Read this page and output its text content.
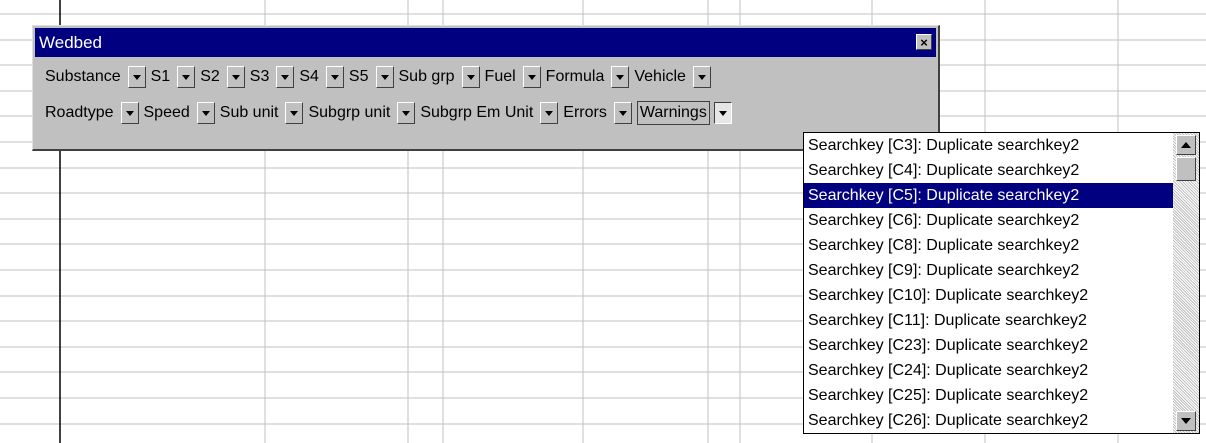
Wedbed	×
Substance S1 S2 S3 S4 S5 Sub grp Fuel Formula Vehicle
Roadtype Speed Sub unit Subgrp unit Subgrp Em Unit Errors Warnings
Searchkey [C3]: Duplicate searchkey2
Searchkey [C4]: Duplicate searchkey2
Searchkey [C5]: Duplicate searchkey2
Searchkey [C6]: Duplicate searchkey2
Searchkey [C8]: Duplicate searchkey2
Searchkey [C9]: Duplicate searchkey2
Searchkey [C10]: Duplicate searchkey2
Searchkey [C11]: Duplicate searchkey2
Searchkey [C23]: Duplicate searchkey2
Searchkey [C24]: Duplicate searchkey2
Searchkey [C25]: Duplicate searchkey2
Searchkey [C26]: Duplicate searchkey2
